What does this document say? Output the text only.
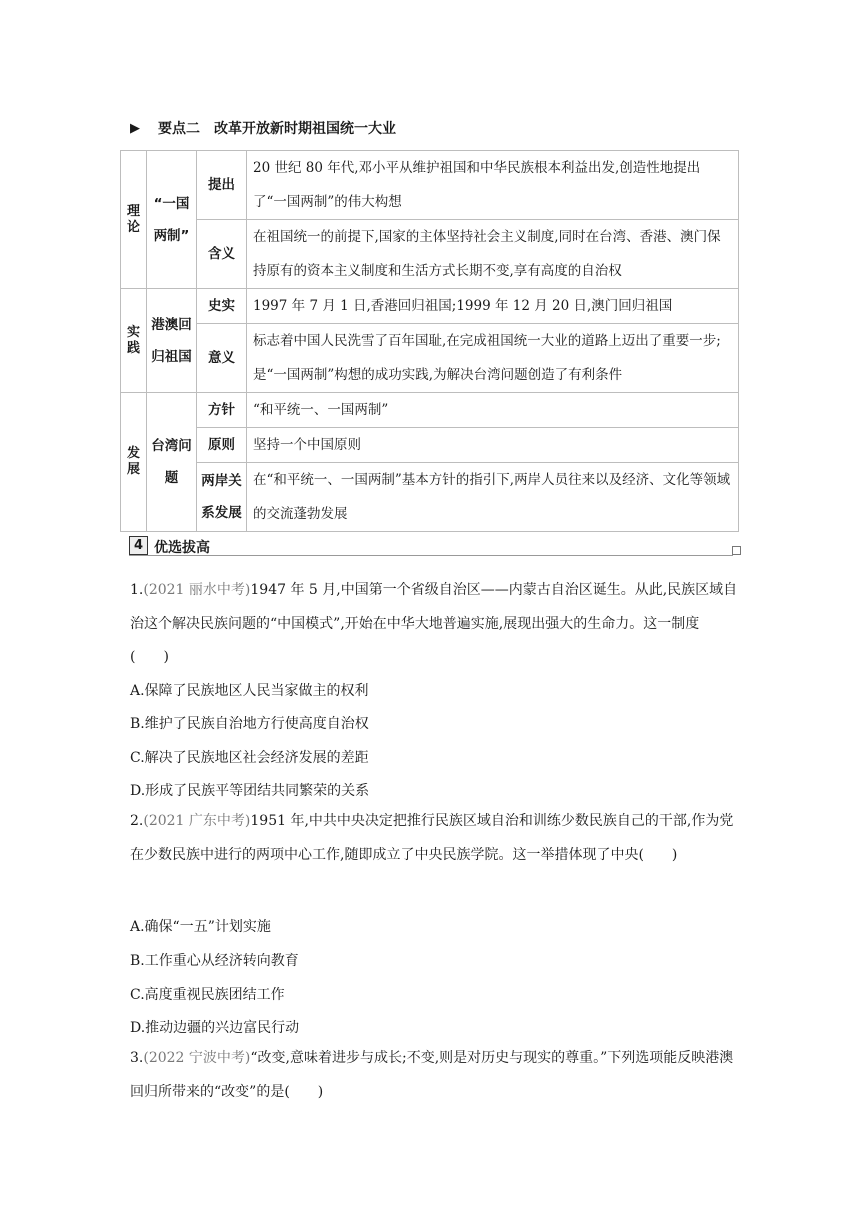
▶ 要点二 改革开放新时期祖国统一大业
理论	“一国两制”	提出	20 世纪 80 年代,邓小平从维护祖国和中华民族根本利益出发,创造性地提出了“一国两制”的伟大构想
		含义	在祖国统一的前提下,国家的主体坚持社会主义制度,同时在台湾、香港、澳门保持原有的资本主义制度和生活方式长期不变,享有高度的自治权
实践	港澳回归祖国	史实	1997 年 7 月 1 日,香港回归祖国;1999 年 12 月 20 日,澳门回归祖国
		意义	标志着中国人民洗雪了百年国耻,在完成祖国统一大业的道路上迈出了重要一步;是“一国两制”构想的成功实践,为解决台湾问题创造了有利条件
发展	台湾问题	方针	“和平统一、一国两制”
		原则	坚持一个中国原则
		两岸关系发展	在“和平统一、一国两制”基本方针的指引下,两岸人员往来以及经济、文化等领域的交流蓬勃发展
4 优选拔高
1.(2021 丽水中考)1947 年 5 月,中国第一个省级自治区——内蒙古自治区诞生。从此,民族区域自治这个解决民族问题的“中国模式”,开始在中华大地普遍实施,展现出强大的生命力。这一制度　(　　)
A.保障了民族地区人民当家做主的权利
B.维护了民族自治地方行使高度自治权
C.解决了民族地区社会经济发展的差距
D.形成了民族平等团结共同繁荣的关系
2.(2021 广东中考)1951 年,中共中央决定把推行民族区域自治和训练少数民族自己的干部,作为党在少数民族中进行的两项中心工作,随即成立了中央民族学院。这一举措体现了中央(　　)
A.确保“一五”计划实施
B.工作重心从经济转向教育
C.高度重视民族团结工作
D.推动边疆的兴边富民行动
3.(2022 宁波中考)“改变,意味着进步与成长;不变,则是对历史与现实的尊重。”下列选项能反映港澳回归所带来的“改变”的是(　　)
